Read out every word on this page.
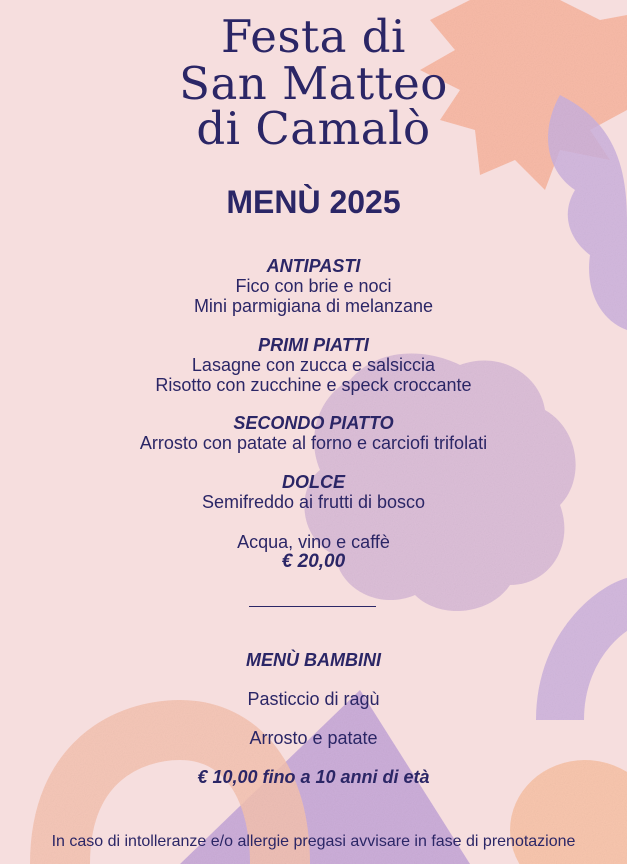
Festa di
San Matteo
di Camalò
MENÙ 2025
ANTIPASTI
Fico con brie e noci
Mini parmigiana di melanzane
PRIMI PIATTI
Lasagne con zucca e salsiccia
Risotto con zucchine e speck croccante
SECONDO PIATTO
Arrosto con patate al forno e carciofi trifolati
DOLCE
Semifreddo ai frutti di bosco
Acqua, vino e caffè
€ 20,00
MENÙ BAMBINI
Pasticcio di ragù
Arrosto e patate
€ 10,00 fino a 10 anni di età
In caso di intolleranze e/o allergie pregasi avvisare in fase di prenotazione
